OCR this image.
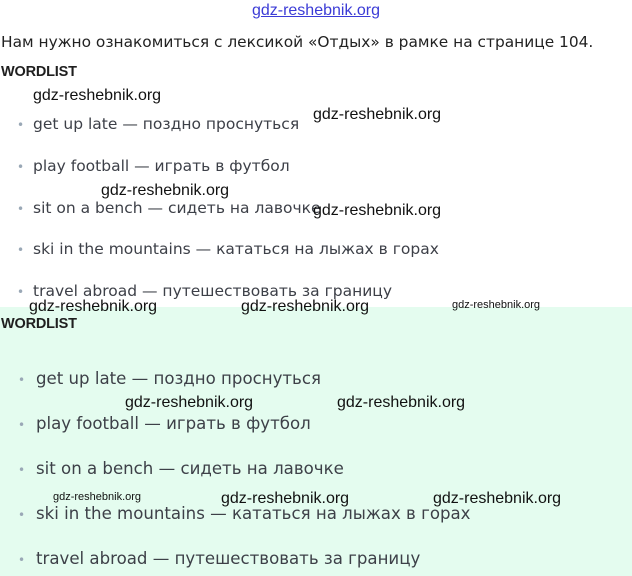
gdz-reshebnik.org
Нам нужно ознакомиться с лексикой «Отдых» в рамке на странице 104.
WORDLIST
• get up late — поздно проснуться
• play football — играть в футбол
• sit on a bench — сидеть на лавочке
• ski in the mountains — кататься на лыжах в горах
• travel abroad — путешествовать за границу
WORDLIST
• get up late — поздно проснуться
• play football — играть в футбол
• sit on a bench — сидеть на лавочке
• ski in the mountains — кататься на лыжах в горах
• travel abroad — путешествовать за границу
gdz-reshebnik.org
gdz-reshebnik.org
gdz-reshebnik.org
gdz-reshebnik.org
gdz-reshebnik.org	gdz-reshebnik.org	gdz-reshebnik.org
gdz-reshebnik.org	gdz-reshebnik.org
gdz-reshebnik.org	gdz-reshebnik.org	gdz-reshebnik.org
